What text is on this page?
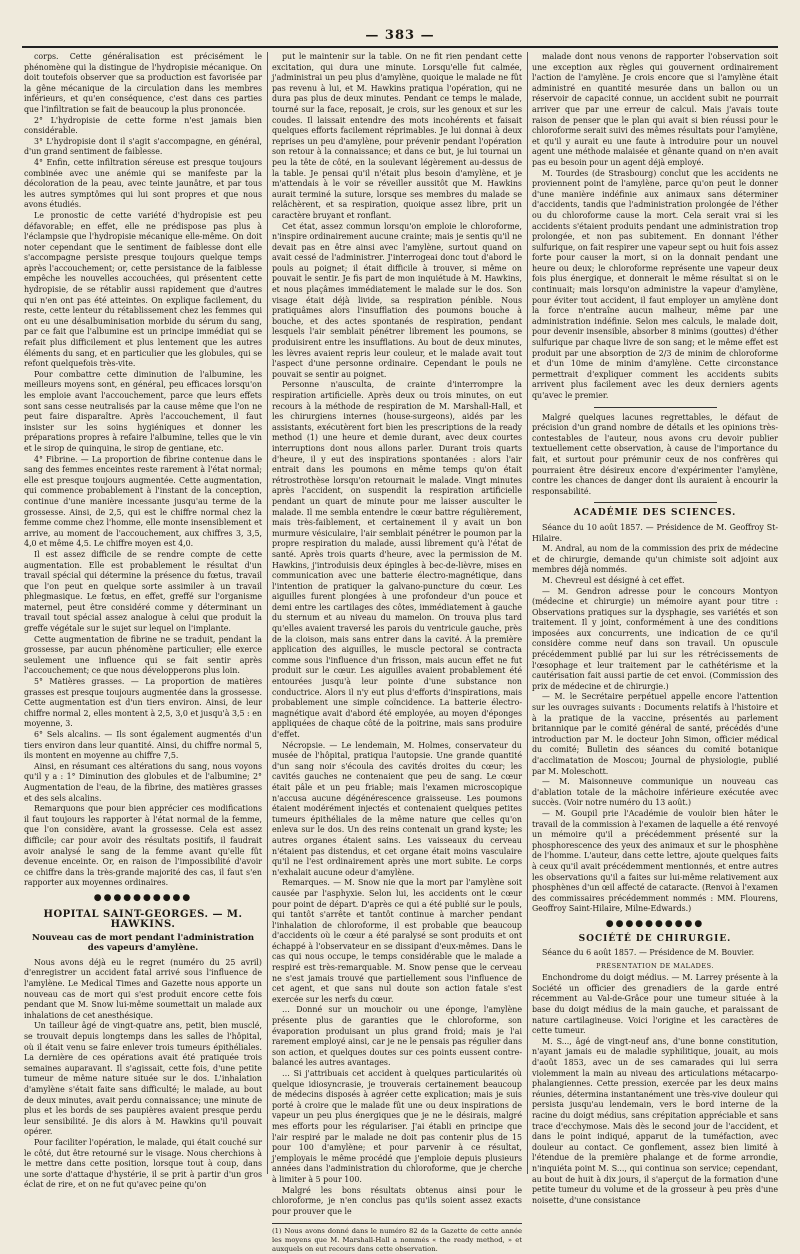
— 383 —

corps. Cette généralisation est précisément le phénomène qui la distingue de l'hydropisie mécanique. On doit toutefois observer que sa production est favorisée par la gêne mécanique de la circulation dans les membres inférieurs, et qu'en conséquence, c'est dans ces parties que l'infiltration se fait de beaucoup la plus prononcée.

2° L'hydropisie de cette forme n'est jamais bien considérable.

3° L'hydropisie dont il s'agit s'accompagne, en général, d'un grand sentiment de faiblesse.

4° Enfin, cette infiltration séreuse est presque toujours combinée avec une anémie qui se manifeste par la décoloration de la peau, avec teinte jaunâtre, et par tous les autres symptômes qui lui sont propres et que nous avons étudiés.

Le pronostic de cette variété d'hydropisie est peu défavorable; en effet, elle ne prédispose pas plus à l'éclampsie que l'hydropisie mécanique elle-même. On doit noter cependant que le sentiment de faiblesse dont elle s'accompagne persiste presque toujours quelque temps après l'accouchement; or, cette persistance de la faiblesse empêche les nouvelles accouchées, qui présentent cette hydropisie, de se rétablir aussi rapidement que d'autres qui n'en ont pas été atteintes. On explique facilement, du reste, cette lenteur du rétablissement chez les femmes qui ont eu une désalbuminisation morbide du sérum du sang, par ce fait que l'albumine est un principe immédiat qui se refait plus difficilement et plus lentement que les autres éléments du sang, et en particulier que les globules, qui se refont quelquefois très-vite.

Pour combattre cette diminution de l'albumine, les meilleurs moyens sont, en général, peu efficaces lorsqu'on les emploie avant l'accouchement, parce que leurs effets sont sans cesse neutralisés par la cause même que l'on ne peut faire disparaître. Après l'accouchement, il faut insister sur les soins hygiéniques et donner les préparations propres à refaire l'albumine, telles que le vin et le sirop de quinquina, le sirop de gentiane, etc.

4° Fibrine. — La proportion de fibrine contenue dans le sang des femmes enceintes reste rarement à l'état normal; elle est presque toujours augmentée. Cette augmentation, qui commence probablement à l'instant de la conception, continue d'une manière incessante jusqu'au terme de la grossesse. Ainsi, de 2,5, qui est le chiffre normal chez la femme comme chez l'homme, elle monte insensiblement et arrive, au moment de l'accouchement, aux chiffres 3, 3,5, 4,0 et même 4,5. Le chiffre moyen est 4,0.

Il est assez difficile de se rendre compte de cette augmentation. Elle est probablement le résultat d'un travail spécial qui détermine la présence du fœtus, travail que l'on peut en quelque sorte assimiler à un travail phlegmasique. Le fœtus, en effet, greffé sur l'organisme maternel, peut être considéré comme y déterminant un travail tout spécial assez analogue à celui que produit la greffe végétale sur le sujet sur lequel on l'implante.

Cette augmentation de fibrine ne se traduit, pendant la grossesse, par aucun phénomène particulier; elle exerce seulement une influence qui se fait sentir après l'accouchement; ce que nous développerons plus loin.

5° Matières grasses. — La proportion de matières grasses est presque toujours augmentée dans la grossesse. Cette augmentation est d'un tiers environ. Ainsi, de leur chiffre normal 2, elles montent à 2,5, 3,0 et jusqu'à 3,5 : en moyenne, 3.

6° Sels alcalins. — Ils sont également augmentés d'un tiers environ dans leur quantité. Ainsi, du chiffre normal 5, ils montent en moyenne au chiffre 7,5.

Ainsi, en résumant ces altérations du sang, nous voyons qu'il y a : 1° Diminution des globules et de l'albumine; 2° Augmentation de l'eau, de la fibrine, des matières grasses et des sels alcalins.

Remarquons que pour bien apprécier ces modifications il faut toujours les rapporter à l'état normal de la femme, que l'on considère, avant la grossesse. Cela est assez difficile; car pour avoir des résultats positifs, il faudrait avoir analysé le sang de la femme avant qu'elle fût devenue enceinte. Or, en raison de l'impossibilité d'avoir ce chiffre dans la très-grande majorité des cas, il faut s'en rapporter aux moyennes ordinaires.

●●●●●●●●●●
HOPITAL SAINT-GEORGES. — M. HAWKINS.
Nouveau cas de mort pendant l'administration des vapeurs d'amylène.

Nous avons déjà eu le regret (numéro du 25 avril) d'enregistrer un accident fatal arrivé sous l'influence de l'amylène. Le Medical Times and Gazette nous apporte un nouveau cas de mort qui s'est produit encore cette fois pendant que M. Snow lui-même soumettait un malade aux inhalations de cet anesthésique.

Un tailleur âgé de vingt-quatre ans, petit, bien musclé, se trouvait depuis longtemps dans les salles de l'hôpital, où il était venu se faire enlever trois tumeurs épithéliales. La dernière de ces opérations avait été pratiquée trois semaines auparavant. Il s'agissait, cette fois, d'une petite tumeur de même nature située sur le dos. L'inhalation d'amylène s'était faite sans difficulté; le malade, au bout de deux minutes, avait perdu connaissance; une minute de plus et les bords de ses paupières avaient presque perdu leur sensibilité. Je dis alors à M. Hawkins qu'il pouvait opérer.

Pour faciliter l'opération, le malade, qui était couché sur le côté, dut être retourné sur le visage. Nous cherchions à le mettre dans cette position, lorsque tout à coup, dans une sorte d'attaque d'hystérie, il se prit à partir d'un gros éclat de rire, et on ne fut qu'avec peine qu'on

put le maintenir sur la table. On ne fit rien pendant cette excitation, qui dura une minute. Lorsqu'elle fut calmée, j'administrai un peu plus d'amylène, quoique le malade ne fût pas revenu à lui, et M. Hawkins pratiqua l'opération, qui ne dura pas plus de deux minutes. Pendant ce temps le malade, tourné sur la face, reposait, je crois, sur les genoux et sur les coudes. Il laissait entendre des mots incohérents et faisait quelques efforts facilement réprimables. Je lui donnai à deux reprises un peu d'amylène, pour prévenir pendant l'opération son retour à la connaissance; et dans ce but, je lui tournai un peu la tête de côté, en la soulevant légèrement au-dessus de la table. Je pensai qu'il n'était plus besoin d'amylène, et je m'attendais à le voir se réveiller aussitôt que M. Hawkins aurait terminé la suture, lorsque ses membres du malade se relâchèrent, et sa respiration, quoique assez libre, prit un caractère bruyant et ronflant.

Cet état, assez commun lorsqu'on emploie le chloroforme, n'inspire ordinairement aucune crainte; mais je sentis qu'il ne devait pas en être ainsi avec l'amylène, surtout quand on avait cessé de l'administrer. J'interrogeai donc tout d'abord le pouls au poignet; il était difficile à trouver, si même on pouvait le sentir. Je fis part de mon inquiétude à M. Hawkins, et nous plaçâmes immédiatement le malade sur le dos. Son visage était déjà livide, sa respiration pénible. Nous pratiquâmes alors l'insufflation des poumons bouche à bouche, et des actes spontanés de respiration, pendant lesquels l'air semblait pénétrer librement les poumons, se produisirent entre les insufflations. Au bout de deux minutes, les lèvres avaient repris leur couleur, et le malade avait tout l'aspect d'une personne ordinaire. Cependant le pouls ne pouvait se sentir au poignet.

Personne n'ausculta, de crainte d'interrompre la respiration artificielle. Après deux ou trois minutes, on eut recours à la méthode de respiration de M. Marshall-Hall, et les chirurgiens internes (house-surgeons), aidés par les assistants, exécutèrent fort bien les prescriptions de la ready method (1) une heure et demie durant, avec deux courtes interruptions dont nous allons parler. Durant trois quarts d'heure, il y eut des inspirations spontanées : alors l'air entrait dans les poumons en même temps qu'on était rétrostrothèse lorsqu'on retournait le malade. Vingt minutes après l'accident, on suspendit la respiration artificielle pendant un quart de minute pour me laisser ausculter le malade. Il me sembla entendre le cœur battre régulièrement, mais très-faiblement, et certainement il y avait un bon murmure vésiculaire, l'air semblait pénétrer le poumon par la propre respiration du malade, aussi librement qu'à l'état de santé. Après trois quarts d'heure, avec la permission de M. Hawkins, j'introduisis deux épingles à bec-de-lièvre, mises en communication avec une batterie électro-magnétique, dans l'intention de pratiquer la galvano-puncture du cœur. Les aiguilles furent plongées à une profondeur d'un pouce et demi entre les cartilages des côtes, immédiatement à gauche du sternum et au niveau du mamelon. On trouva plus tard qu'elles avaient traversé les parois du ventricule gauche, près de la cloison, mais sans entrer dans la cavité. À la première application des aiguilles, le muscle pectoral se contracta comme sous l'influence d'un frisson, mais aucun effet ne fut produit sur le cœur. Les aiguilles avaient probablement été entourées jusqu'à leur pointe d'une substance non conductrice. Alors il n'y eut plus d'efforts d'inspirations, mais probablement une simple coïncidence. La batterie électro-magnétique avait d'abord été employée, au moyen d'éponges appliquées de chaque côté de la poitrine, mais sans produire d'effet.

Nécropsie. — Le lendemain, M. Holmes, conservateur du musée de l'hôpital, pratiqua l'autopsie. Une grande quantité d'un sang noir s'écoula des cavités droites du cœur; les cavités gauches ne contenaient que peu de sang. Le cœur était pâle et un peu friable; mais l'examen microscopique n'accusa aucune dégénérescence graisseuse. Les poumons étaient modérément injectés et contenaient quelques petites tumeurs épithéliales de la même nature que celles qu'on enleva sur le dos. Un des reins contenait un grand kyste; les autres organes étaient sains. Les vaisseaux du cerveau n'étaient pas distendus, et cet organe était moins vasculaire qu'il ne l'est ordinairement après une mort subite. Le corps n'exhalait aucune odeur d'amylène.

Remarques. — M. Snow nie que la mort par l'amylène soit causée par l'asphyxie. Selon lui, les accidents ont le cœur pour point de départ. D'après ce qui a été publié sur le pouls, qui tantôt s'arrête et tantôt continue à marcher pendant l'inhalation de chloroforme, il est probable que beaucoup d'accidents où le cœur a été paralysé se sont produits et ont échappé à l'observateur en se dissipant d'eux-mêmes. Dans le cas qui nous occupe, le temps considérable que le malade a respiré est très-remarquable. M. Snow pense que le cerveau ne s'est jamais trouvé que partiellement sous l'influence de cet agent, et que sans nul doute son action fatale s'est exercée sur les nerfs du cœur.

… Donné sur un mouchoir ou une éponge, l'amylène présente plus de garanties que le chloroforme, son évaporation produisant un plus grand froid; mais je l'ai rarement employé ainsi, car je ne le pensais pas régulier dans son action, et quelques doutes sur ces points eussent contre-balancé les autres avantages.

… Si j'attribuais cet accident à quelques particularités où quelque idiosyncrasie, je trouverais certainement beaucoup de médecins disposés à agréer cette explication; mais je suis porté à croire que le malade fût une ou deux inspirations de vapeur un peu plus énergiques que je ne le désirais, malgré mes efforts pour les régulariser. J'ai établi en principe que l'air respiré par le malade ne doit pas contenir plus de 15 pour 100 d'amylène; et pour parvenir à ce résultat, j'employais le même procédé que j'emploie depuis plusieurs années dans l'administration du chloroforme, que je cherche à limiter à 5 pour 100.

Malgré les bons résultats obtenus ainsi pour le chloroforme, je n'en conclus pas qu'ils soient assez exacts pour prouver que le

(1) Nous avons donné dans le numéro 82 de la Gazette de cette année les moyens que M. Marshall-Hall a nommés « the ready method, » et auxquels on eut recours dans cette observation.

malade dont nous venons de rapporter l'observation soit une exception aux règles qui gouvernent ordinairement l'action de l'amylène. Je crois encore que si l'amylène était administré en quantité mesurée dans un ballon ou un réservoir de capacité connue, un accident subit ne pourrait arriver que par une erreur de calcul. Mais j'avais toute raison de penser que le plan qui avait si bien réussi pour le chloroforme serait suivi des mêmes résultats pour l'amylène, et qu'il y aurait eu une faute à introduire pour un nouvel agent une méthode malaisée et gênante quand on n'en avait pas eu besoin pour un agent déjà employé.

M. Tourdes (de Strasbourg) conclut que les accidents ne proviennent point de l'amylène, parce qu'on peut le donner d'une manière indéfinie aux animaux sans déterminer d'accidents, tandis que l'administration prolongée de l'éther ou du chloroforme cause la mort. Cela serait vrai si les accidents s'étaient produits pendant une administration trop prolongée, et non pas subitement. En donnant l'éther sulfurique, on fait respirer une vapeur sept ou huit fois assez forte pour causer la mort, si on la donnait pendant une heure ou deux; le chloroforme représente une vapeur deux fois plus énergique, et donnerait le même résultat si on le continuait; mais lorsqu'on administre la vapeur d'amylène, pour éviter tout accident, il faut employer un amylène dont la force n'entraîne aucun malheur, même par une administration indéfinie. Selon mes calculs, le malade doit, pour devenir insensible, absorber 8 minims (gouttes) d'éther sulfurique par chaque livre de son sang; et le même effet est produit par une absorption de 2/3 de minim de chloroforme et d'un 10me de minim d'amylène. Cette circonstance permettrait d'expliquer comment les accidents subits arrivent plus facilement avec les deux derniers agents qu'avec le premier.

Malgré quelques lacunes regrettables, le défaut de précision d'un grand nombre de détails et les opinions très-contestables de l'auteur, nous avons cru devoir publier textuellement cette observation, à cause de l'importance du fait, et surtout pour prémunir ceux de nos confrères qui pourraient être désireux encore d'expérimenter l'amylène, contre les chances de danger dont ils auraient à encourir la responsabilité.

ACADÉMIE DES SCIENCES.

Séance du 10 août 1857. — Présidence de M. Geoffroy St-Hilaire.

M. Andral, au nom de la commission des prix de médecine et de chirurgie, demande qu'un chimiste soit adjoint aux membres déjà nommés.

M. Chevreul est désigné à cet effet.

— M. Gendron adresse pour le concours Montyon (médecine et chirurgie) un mémoire ayant pour titre : Observations pratiques sur la dysphagie, ses variétés et son traitement. Il y joint, conformément à une des conditions imposées aux concurrents, une indication de ce qu'il considère comme neuf dans son travail. Un opuscule précédemment publié par lui sur les rétrécissements de l'œsophage et leur traitement par le cathétérisme et la cautérisation fait aussi partie de cet envoi. (Commission des prix de médecine et de chirurgie.)

— M. le Secrétaire perpétuel appelle encore l'attention sur les ouvrages suivants : Documents relatifs à l'histoire et à la pratique de la vaccine, présentés au parlement britannique par le comité général de santé, précédés d'une introduction par M. le docteur John Simon, officier médical du comité; Bulletin des séances du comité botanique d'acclimatation de Moscou; Journal de physiologie, publié par M. Moleschott.

— M. Maisonneuve communique un nouveau cas d'ablation totale de la mâchoire inférieure exécutée avec succès. (Voir notre numéro du 13 août.)

— M. Goupil prie l'Académie de vouloir bien hâter le travail de la commission à l'examen de laquelle a été renvoyé un mémoire qu'il a précédemment présenté sur la phosphorescence des yeux des animaux et sur le phosphène de l'homme. L'auteur, dans cette lettre, ajoute quelques faits à ceux qu'il avait précédemment mentionnés, et entre autres les observations qu'il a faites sur lui-même relativement aux phosphènes d'un œil affecté de cataracte. (Renvoi à l'examen des commissaires précédemment nommés : MM. Flourens, Geoffroy Saint-Hilaire, Milne-Edwards.)

●●●●●●●●●●
SOCIÉTÉ DE CHIRURGIE.

Séance du 6 août 1857. — Présidence de M. Bouvier.

PRÉSENTATION DE MALADES.

Enchondrome du doigt médius. — M. Larrey présente à la Société un officier des grenadiers de la garde entré récemment au Val-de-Grâce pour une tumeur située à la base du doigt médius de la main gauche, et paraissant de nature cartilagineuse. Voici l'origine et les caractères de cette tumeur.

M. S..., âgé de vingt-neuf ans, d'une bonne constitution, n'ayant jamais eu de maladie syphilitique, jouait, au mois d'août 1853, avec un de ses camarades qui lui serra violemment la main au niveau des articulations métacarpo-phalangiennes. Cette pression, exercée par les deux mains réunies, détermina instantanément une très-vive douleur qui persista jusqu'au lendemain, vers le bord interne de la racine du doigt médius, sans crépitation appréciable et sans trace d'ecchymose. Mais dès le second jour de l'accident, et dans le point indiqué, apparut de la tuméfaction, avec douleur au contact. Ce gonflement, assez bien limité à l'étendue de la première phalange et de forme arrondie, n'inquiéta point M. S..., qui continua son service; cependant, au bout de huit à dix jours, il s'aperçut de la formation d'une petite tumeur du volume et de la grosseur à peu près d'une noisette, d'une consistance
